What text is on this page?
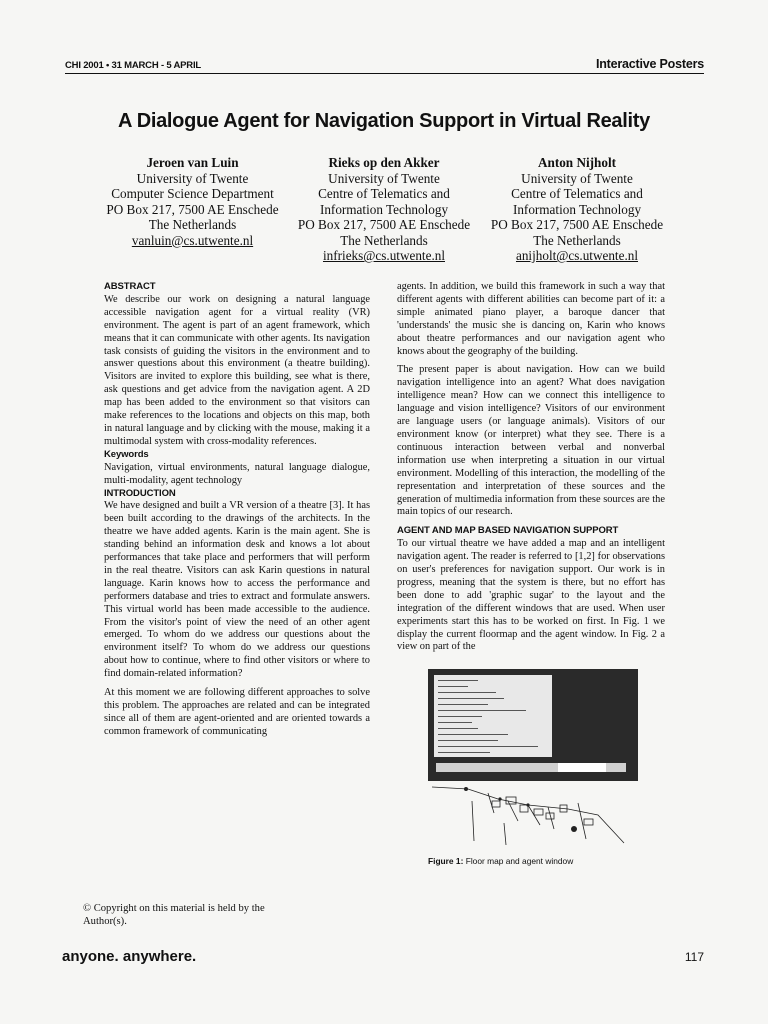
CHI 2001 • 31 MARCH - 5 APRIL	Interactive Posters
A Dialogue Agent for Navigation Support in Virtual Reality
Jeroen van Luin
University of Twente
Computer Science Department
PO Box 217, 7500 AE Enschede
The Netherlands
vanluin@cs.utwente.nl
Rieks op den Akker
University of Twente
Centre of Telematics and
Information Technology
PO Box 217, 7500 AE Enschede
The Netherlands
infrieks@cs.utwente.nl
Anton Nijholt
University of Twente
Centre of Telematics and
Information Technology
PO Box 217, 7500 AE Enschede
The Netherlands
anijholt@cs.utwente.nl

ABSTRACT

We describe our work on designing a natural language accessible navigation agent for a virtual reality (VR) environment. The agent is part of an agent framework, which means that it can communicate with other agents. Its navigation task consists of guiding the visitors in the environment and to answer questions about this environment (a theatre building). Visitors are invited to explore this building, see what is there, ask questions and get advice from the navigation agent. A 2D map has been added to the environment so that visitors can make references to the locations and objects on this map, both in natural language and by clicking with the mouse, making it a multimodal system with cross-modality references.

Keywords

Navigation, virtual environments, natural language dialogue, multi-modality, agent technology

INTRODUCTION

We have designed and built a VR version of a theatre [3]. It has been built according to the drawings of the architects. In the theatre we have added agents. Karin is the main agent. She is standing behind an information desk and knows a lot about performances that take place and performers that will perform in the real theatre. Visitors can ask Karin questions in natural language. Karin knows how to access the performance and performers database and tries to extract and formulate answers. This virtual world has been made accessible to the audience. From the visitor's point of view the need of an other agent emerged. To whom do we address our questions about the environment itself? To whom do we address our questions about how to continue, where to find other visitors or where to find domain-related information?

At this moment we are following different approaches to solve this problem. The approaches are related and can be integrated since all of them are agent-oriented and are oriented towards a common framework of communicating

agents. In addition, we build this framework in such a way that different agents with different abilities can become part of it: a simple animated piano player, a baroque dancer that 'understands' the music she is dancing on, Karin who knows about theatre performances and our navigation agent who knows about the geography of the building.

The present paper is about navigation. How can we build navigation intelligence into an agent? What does navigation intelligence mean? How can we connect this intelligence to language and vision intelligence? Visitors of our environment are language users (or language animals). Visitors of our environment know (or interpret) what they see. There is a continuous interaction between verbal and nonverbal information use when interpreting a situation in our virtual environment. Modelling of this interaction, the modelling of the representation and interpretation of these sources and the generation of multimedia information from these sources are the main topics of our research.

AGENT AND MAP BASED NAVIGATION SUPPORT

To our virtual theatre we have added a map and an intelligent navigation agent. The reader is referred to [1,2] for observations on user's preferences for navigation support. Our work is in progress, meaning that the system is there, but no effort has been done to add 'graphic sugar' to the layout and the integration of the different windows that are used. When user experiments start this has to be worked on first. In Fig. 1 we display the current floormap and the agent window. In Fig. 2 a view on part of the

Figure 1: Floor map and agent window
© Copyright on this material is held by the Author(s).
anyone. anywhere.	117
